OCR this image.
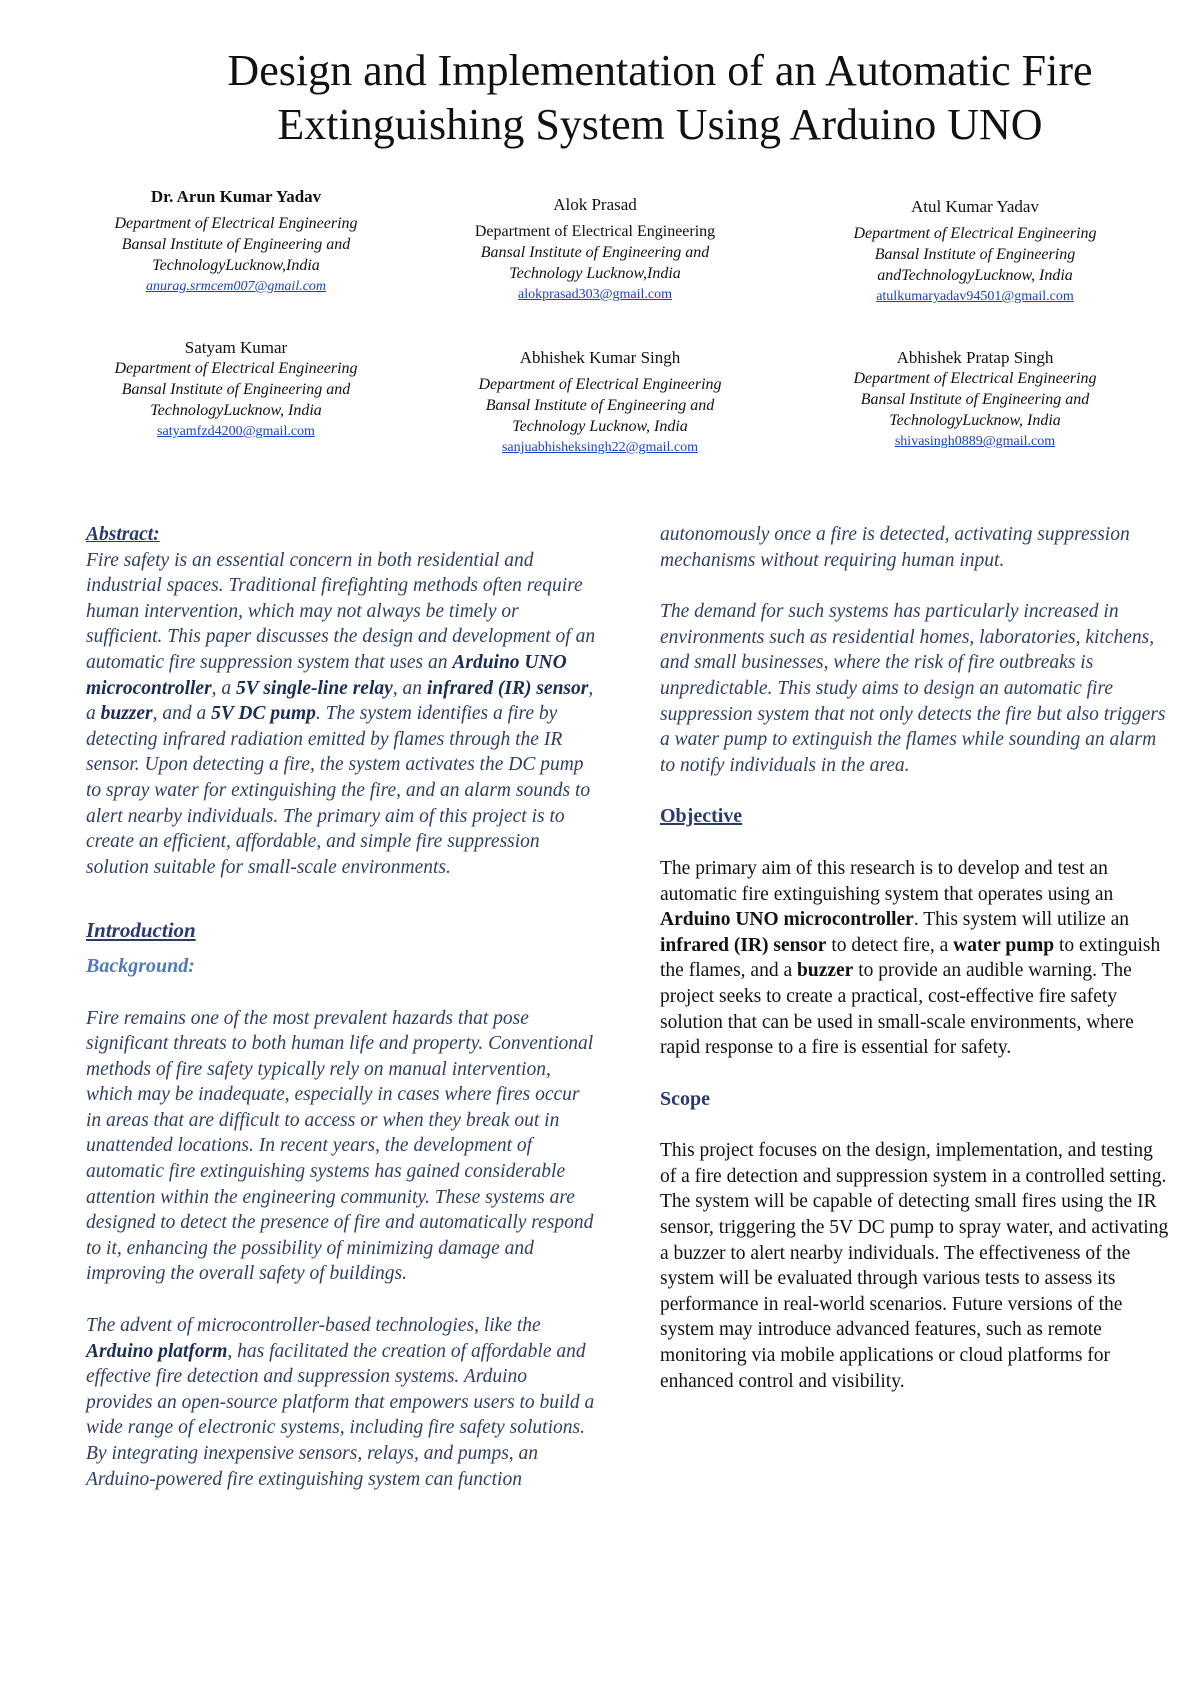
Design and Implementation of an Automatic Fire
Extinguishing System Using Arduino UNO
Dr. Arun Kumar Yadav
Department of Electrical Engineering
Bansal Institute of Engineering and
TechnologyLucknow,India
anurag.srmcem007@gmail.com
Alok Prasad
Department of Electrical Engineering
Bansal Institute of Engineering and
Technology Lucknow,India
alokprasad303@gmail.com
Atul Kumar Yadav
Department of Electrical Engineering
Bansal Institute of Engineering
andTechnologyLucknow, India
atulkumaryadav94501@gmail.com
Satyam Kumar
Department of Electrical Engineering
Bansal Institute of Engineering and
TechnologyLucknow, India
satyamfzd4200@gmail.com
Abhishek Kumar Singh
Department of Electrical Engineering
Bansal Institute of Engineering and
Technology Lucknow, India
sanjuabhisheksingh22@gmail.com
Abhishek Pratap Singh
Department of Electrical Engineering
Bansal Institute of Engineering and
TechnologyLucknow, India
shivasingh0889@gmail.com

Abstract:

Fire safety is an essential concern in both residential and industrial spaces. Traditional firefighting methods often require human intervention, which may not always be timely or sufficient. This paper discusses the design and development of an automatic fire suppression system that uses an Arduino UNO microcontroller, a 5V single-line relay, an infrared (IR) sensor, a buzzer, and a 5V DC pump. The system identifies a fire by detecting infrared radiation emitted by flames through the IR sensor. Upon detecting a fire, the system activates the DC pump to spray water for extinguishing the fire, and an alarm sounds to alert nearby individuals. The primary aim of this project is to create an efficient, affordable, and simple fire suppression solution suitable for small-scale environments.

Introduction

Background:

Fire remains one of the most prevalent hazards that pose significant threats to both human life and property. Conventional methods of fire safety typically rely on manual intervention, which may be inadequate, especially in cases where fires occur in areas that are difficult to access or when they break out in unattended locations. In recent years, the development of automatic fire extinguishing systems has gained considerable attention within the engineering community. These systems are designed to detect the presence of fire and automatically respond to it, enhancing the possibility of minimizing damage and improving the overall safety of buildings.

The advent of microcontroller-based technologies, like the Arduino platform, has facilitated the creation of affordable and effective fire detection and suppression systems. Arduino provides an open-source platform that empowers users to build a wide range of electronic systems, including fire safety solutions. By integrating inexpensive sensors, relays, and pumps, an Arduino-powered fire extinguishing system can function

autonomously once a fire is detected, activating suppression mechanisms without requiring human input.

The demand for such systems has particularly increased in environments such as residential homes, laboratories, kitchens, and small businesses, where the risk of fire outbreaks is unpredictable. This study aims to design an automatic fire suppression system that not only detects the fire but also triggers a water pump to extinguish the flames while sounding an alarm to notify individuals in the area.

Objective

The primary aim of this research is to develop and test an automatic fire extinguishing system that operates using an Arduino UNO microcontroller. This system will utilize an infrared (IR) sensor to detect fire, a water pump to extinguish the flames, and a buzzer to provide an audible warning. The project seeks to create a practical, cost-effective fire safety solution that can be used in small-scale environments, where rapid response to a fire is essential for safety.

Scope

This project focuses on the design, implementation, and testing of a fire detection and suppression system in a controlled setting. The system will be capable of detecting small fires using the IR sensor, triggering the 5V DC pump to spray water, and activating a buzzer to alert nearby individuals. The effectiveness of the system will be evaluated through various tests to assess its performance in real-world scenarios. Future versions of the system may introduce advanced features, such as remote monitoring via mobile applications or cloud platforms for enhanced control and visibility.
